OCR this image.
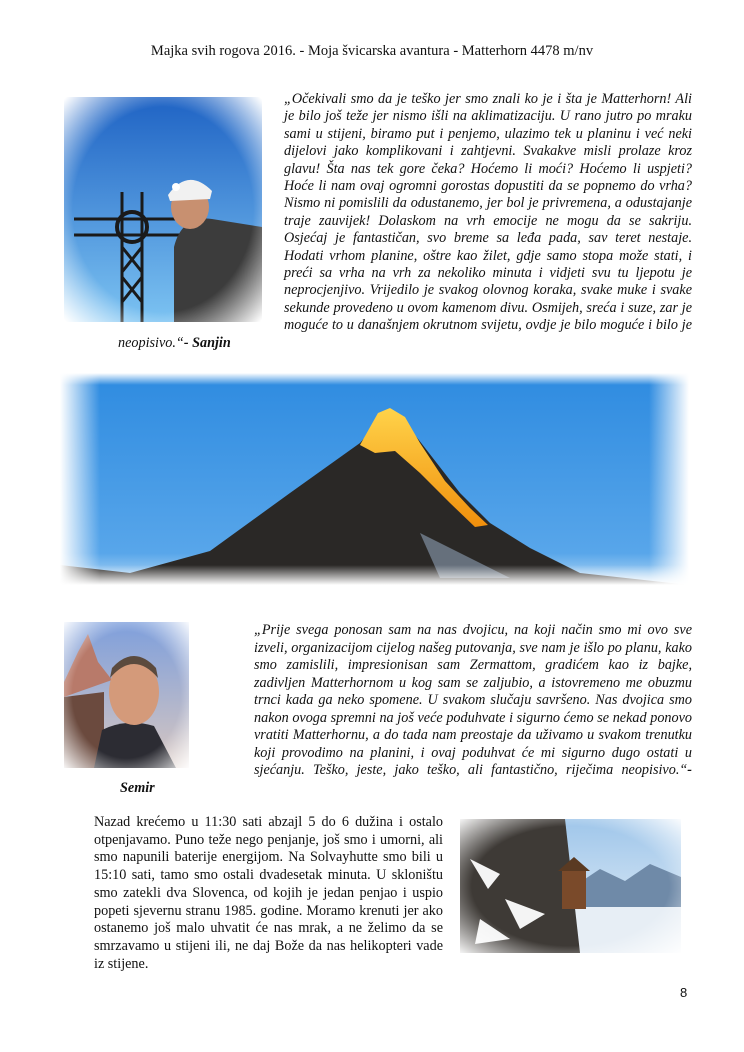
Majka svih rogova 2016. - Moja švicarska avantura - Matterhorn 4478 m/nv
„Očekivali smo da je teško jer smo znali ko je i šta je Matterhorn! Ali je bilo još teže jer nismo išli na aklimatizaciju. U rano jutro po mraku sami u stijeni, biramo put i penjemo, ulazimo tek u planinu i već neki dijelovi jako komplikovani i zahtjevni. Svakakve misli prolaze kroz glavu! Šta nas tek gore čeka? Hoćemo li moći? Hoćemo li uspjeti? Hoće li nam ovaj ogromni gorostas dopustiti da se popnemo do vrha? Nismo ni pomislili da odustanemo, jer bol je privremena, a odustajanje traje zauvijek! Dolaskom na vrh emocije ne mogu da se sakriju. Osjećaj je fantastičan, svo breme sa leđa pada, sav teret nestaje. Hodati vrhom planine, oštre kao žilet, gdje samo stopa može stati, i preći sa vrha na vrh za nekoliko minuta i vidjeti svu tu ljepotu je neprocjenjivo. Vrijedilo je svakog olovnog koraka, svake muke i svake sekunde provedeno u ovom kamenom divu. Osmijeh, sreća i suze, zar je moguće to u današnjem okrutnom svijetu, ovdje je bilo moguće i bilo je neopisivo.“- Sanjin
„Prije svega ponosan sam na nas dvojicu, na koji način smo mi ovo sve izveli, organizacijom cijelog našeg putovanja, sve nam je išlo po planu, kako smo zamislili, impresionisan sam Zermattom, gradićem kao iz bajke, zadivljen Matterhornom u kog sam se zaljubio, a istovremeno me obuzmu trnci kada ga neko spomene. U svakom slučaju savršeno. Nas dvojica smo nakon ovoga spremni na još veće poduhvate i sigurno ćemo se nekad ponovo vratiti Matterhornu, a do tada nam preostaje da uživamo u svakom trenutku koji provodimo na planini, i ovaj poduhvat će mi sigurno dugo ostati u sjećanju. Teško, jeste, jako teško, ali fantastično, riječima neopisivo.“- Semir
Nazad krećemo u 11:30 sati abzajl 5 do 6 dužina i ostalo otpenjavamo. Puno teže nego penjanje, još smo i umorni, ali smo napunili baterije energijom. Na Solvayhutte smo bili u 15:10 sati, tamo smo ostali dvadesetak minuta. U skloništu smo zatekli dva Slovenca, od kojih je jedan penjao i uspio popeti sjevernu stranu 1985. godine. Moramo krenuti jer ako ostanemo još malo uhvatit će nas mrak, a ne želimo da se smrzavamo u stijeni ili, ne daj Bože da nas helikopteri vade iz stijene.
8
